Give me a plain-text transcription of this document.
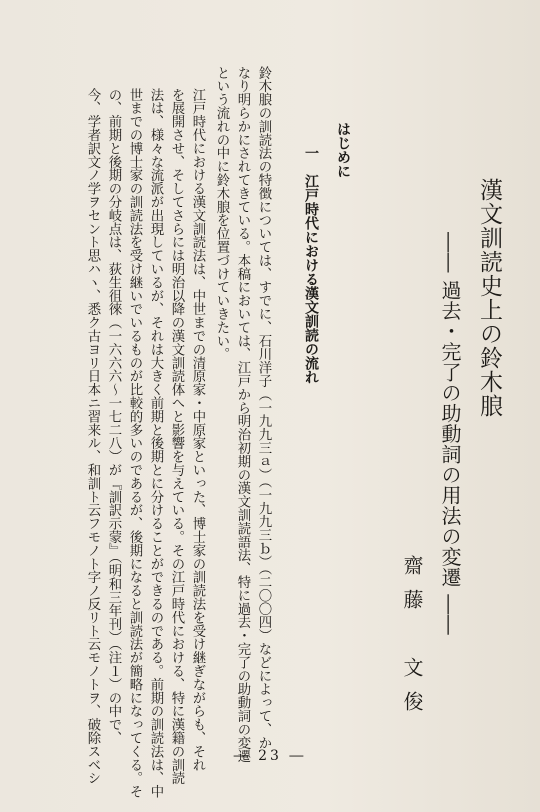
漢文訓読史上の鈴木朖
―― 過去・完了の助動詞の用法の変遷 ――
齋藤　文俊
はじめに
鈴木朖の訓読法の特徴については、すでに、石川洋子（一九九三ａ）（一九九三ｂ）（二〇〇四）などによって、か
なり明らかにされてきている。本稿においては、江戸から明治初期の漢文訓読語法、特に過去・完了の助動詞の変遷
という流れの中に鈴木朖を位置づけていきたい。	一　江戸時代における漢文訓読の流れ
江戸時代における漢文訓読法は、中世までの清原家・中原家といった、博士家の訓読法を受け継ぎながらも、それ
を展開させ、そしてさらには明治以降の漢文訓読体へと影響を与えている。その江戸時代における、特に漢籍の訓読
法は、様々な流派が出現しているが、それは大きく前期と後期とに分けることができるのである。前期の訓読法は、中
世までの博士家の訓読法を受け継いでいるものが比較的多いのであるが、後期になると訓読法が簡略になってくる。そ
の、前期と後期の分岐点は、荻生徂徠（一六六六～一七二八）が『訓訳示蒙』（明和三年刊）（注１）の中で、
今、学者訳文ノ学ヲセント思ハヽ、悉ク古ヨリ日本ニ習来ル、和訓ト云フモノト字ノ反リト云モノトヲ、破除スベシ	― 23 ―
